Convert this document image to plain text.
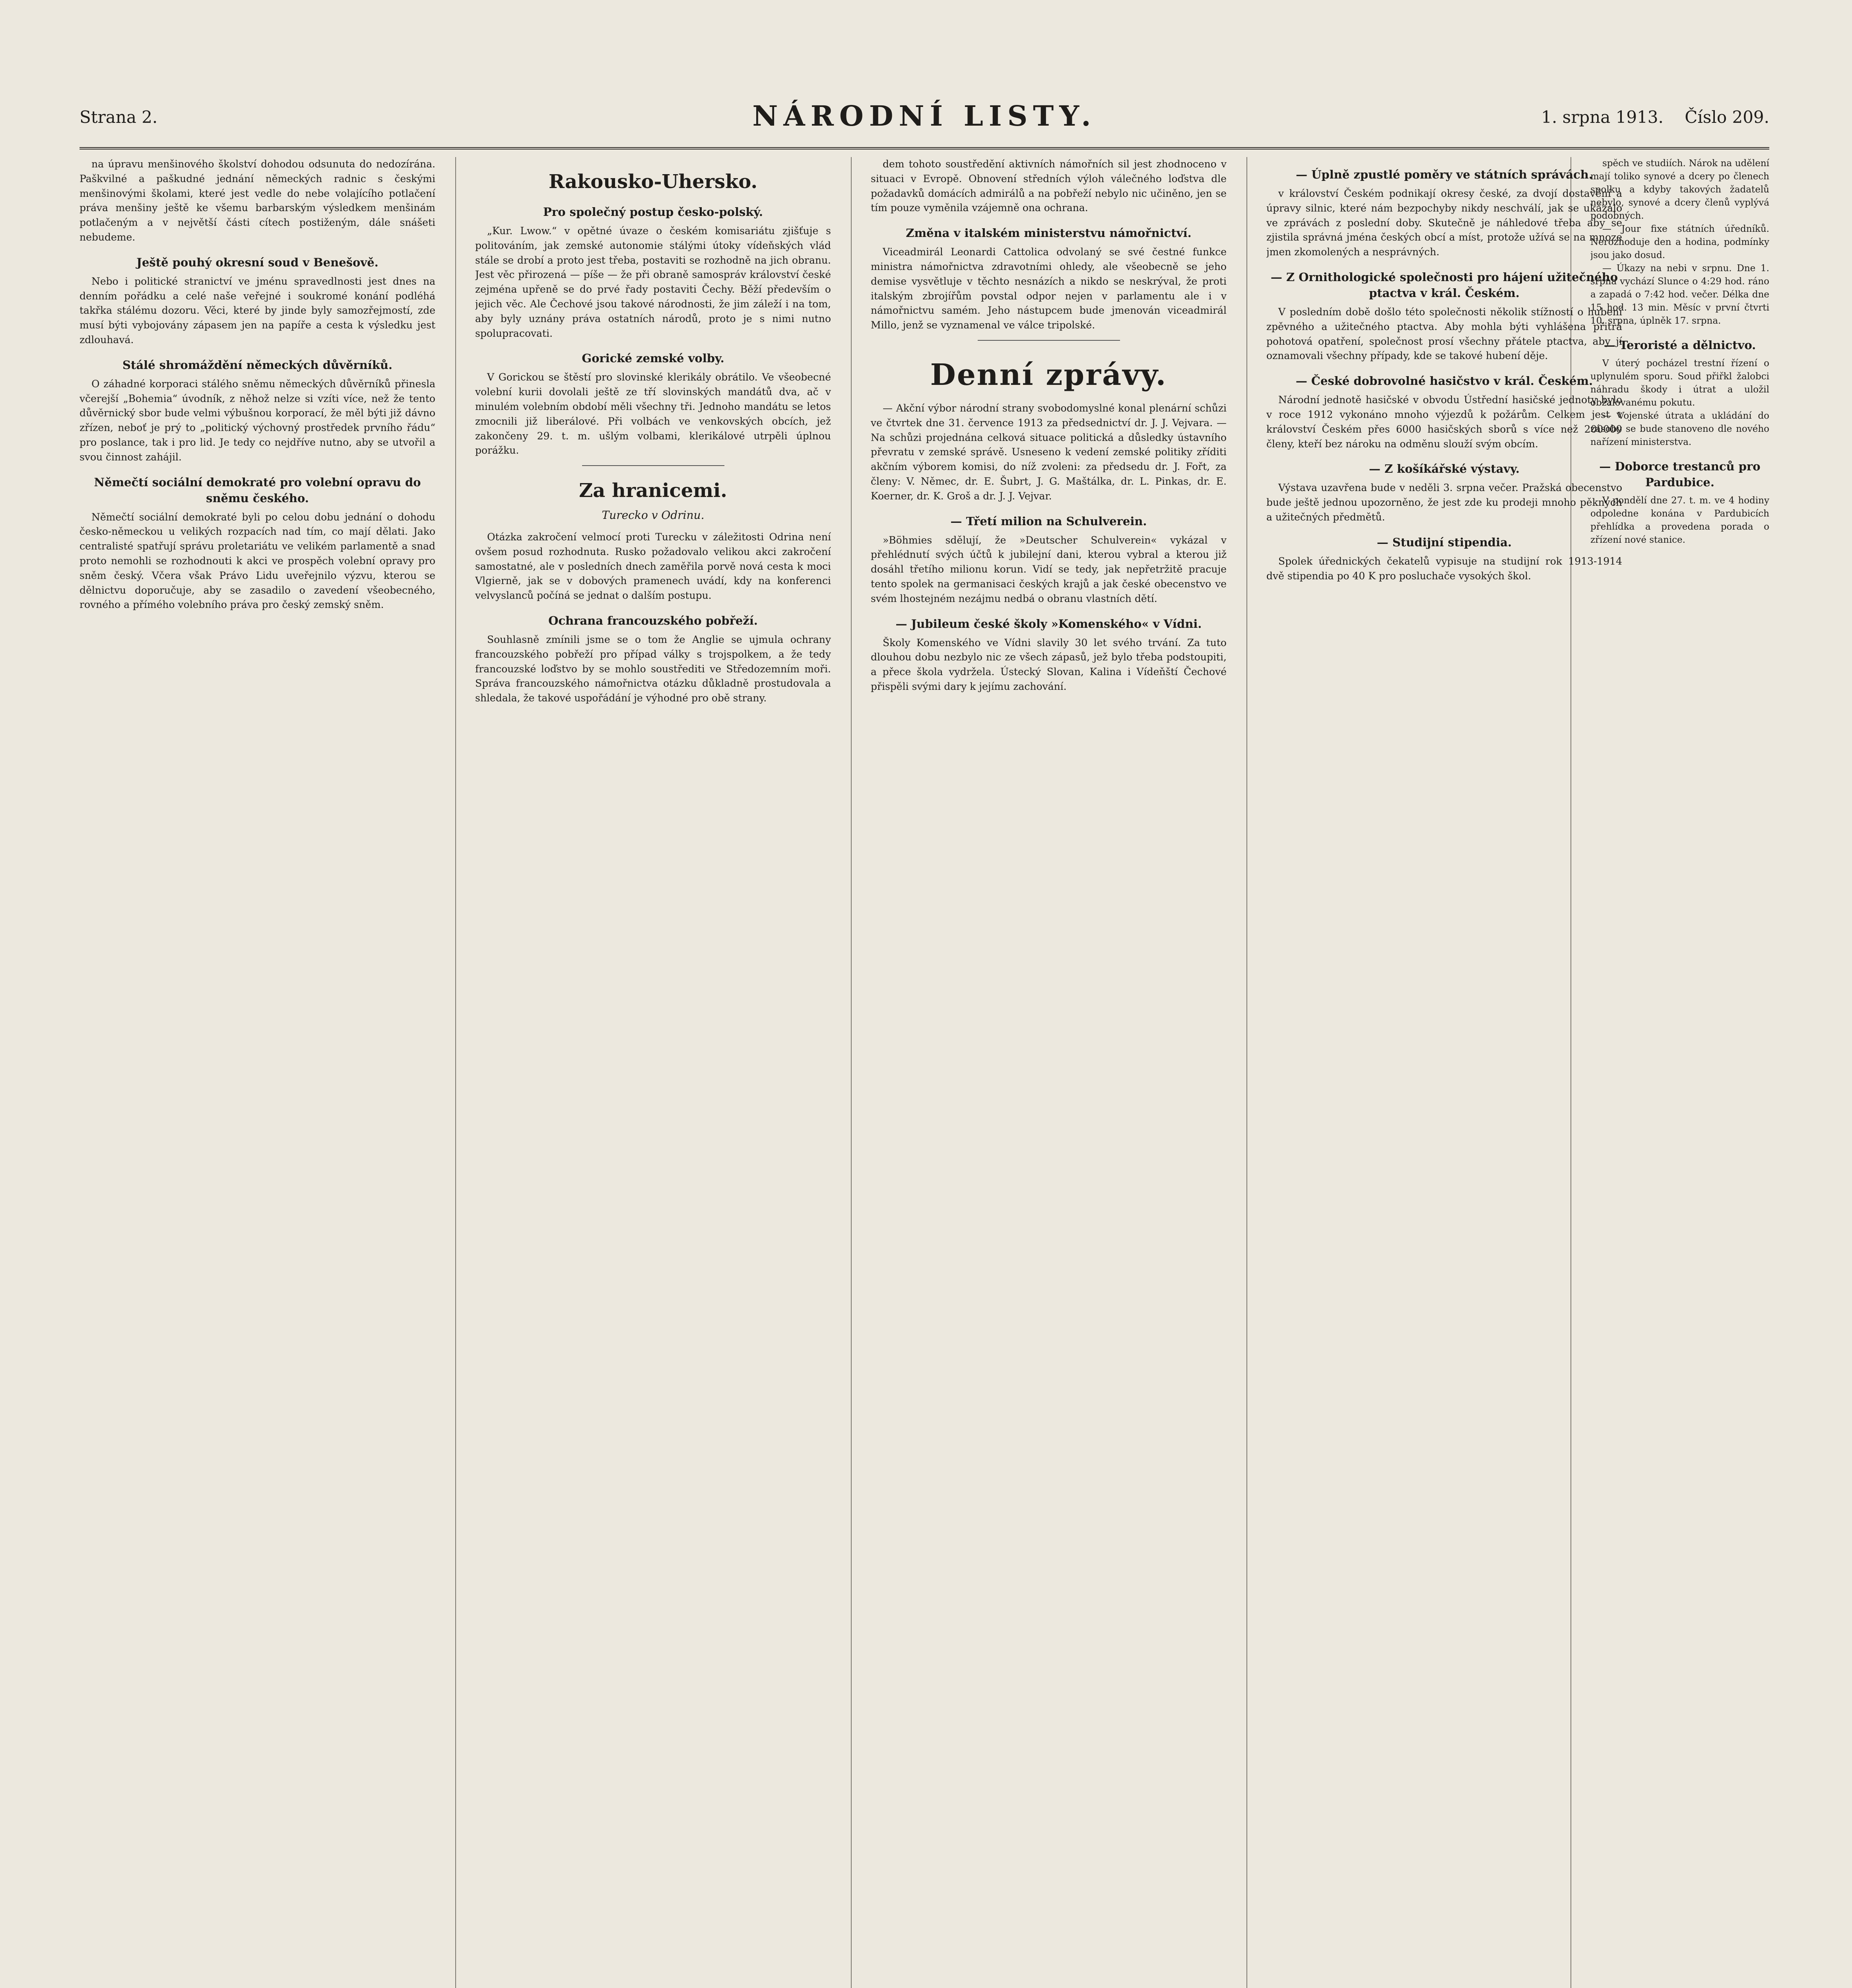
Strana 2.	NÁRODNÍ LISTY.	1. srpna 1913. Číslo 209.

na úpravu menšinového školství dohodou odsunuta do nedozírána. Paškvilné a paškudné jednání německých radnic s českými menšinovými školami, které jest vedle do nebe volajícího potlačení práva menšiny ještě ke všemu barbarským výsledkem menšinám potlačeným a v největší části cítech postiženým, dále snášeti nebudeme.

Ještě pouhý okresní soud v Benešově.

Nebo i politické stranictví ve jménu spravedlnosti jest dnes na denním pořádku a celé naše veřejné i soukromé konání podléhá takřka stálému dozoru. Věci, které by jinde byly samozřejmostí, zde musí býti vybojovány zápasem jen na papíře a cesta k výsledku jest zdlouhavá.

Stálé shromáždění německých důvěrníků.

O záhadné korporaci stálého sněmu německých důvěrníků přinesla včerejší „Bohemia“ úvodník, z něhož nelze si vzíti více, než že tento důvěrnický sbor bude velmi výbušnou korporací, že měl býti již dávno zřízen, neboť je prý to „politický výchovný prostředek prvního řádu“ pro poslance, tak i pro lid. Je tedy co nejdříve nutno, aby se utvořil a svou činnost zahájil.

Němečtí sociální demokraté pro volební opravu do sněmu českého.

Němečtí sociální demokraté byli po celou dobu jednání o dohodu česko-německou u velikých rozpacích nad tím, co mají dělati. Jako centralisté spatřují správu proletariátu ve velikém parlamentě a snad proto nemohli se rozhodnouti k akci ve prospěch volební opravy pro sněm český. Včera však Právo Lidu uveřejnilo výzvu, kterou se dělnictvu doporučuje, aby se zasadilo o zavedení všeobecného, rovného a přímého volebního práva pro český zemský sněm.

Rakousko-Uhersko.
Pro společný postup česko-polský.

„Kur. Lwow.“ v opětné úvaze o českém komisariátu zjišťuje s politováním, jak zemské autonomie stálými útoky vídeňských vlád stále se drobí a proto jest třeba, postaviti se rozhodně na jich obranu. Jest věc přirozená — píše — že při obraně samospráv království české zejména upřeně se do prvé řady postaviti Čechy. Běží především o jejich věc. Ale Čechové jsou takové národnosti, že jim záleží i na tom, aby byly uznány práva ostatních národů, proto je s nimi nutno spolupracovati.

Gorické zemské volby.

V Gorickou se štěstí pro slovinské klerikály obrátilo. Ve všeobecné volební kurii dovolali ještě ze tří slovinských mandátů dva, ač v minulém volebním období měli všechny tři. Jednoho mandátu se letos zmocnili již liberálové. Při volbách ve venkovských obcích, jež zakončeny 29. t. m. ušlým volbami, klerikálové utrpěli úplnou porážku.

Za hranicemi.
Turecko v Odrinu.

Otázka zakročení velmocí proti Turecku v záležitosti Odrina není ovšem posud rozhodnuta. Rusko požadovalo velikou akci zakročení samostatné, ale v posledních dnech zaměřila porvě nová cesta k moci Vlgierně, jak se v dobových pramenech uvádí, kdy na konferenci velvyslanců počíná se jednat o dalším postupu.

Ochrana francouzského pobřeží.

Souhlasně zmínili jsme se o tom že Anglie se ujmula ochrany francouzského pobřeží pro případ války s trojspolkem, a že tedy francouzské loďstvo by se mohlo soustřediti ve Středozemním moři. Správa francouzského námořnictva otázku důkladně prostudovala a shledala, že takové uspořádání je výhodné pro obě strany.

dem tohoto soustředění aktivních námořních sil jest zhodnoceno v situaci v Evropě. Obnovení středních výloh válečného loďstva dle požadavků domácích admirálů a na pobřeží nebylo nic učiněno, jen se tím pouze vyměnila vzájemně ona ochrana.

Změna v italském ministerstvu námořnictví.

Viceadmirál Leonardi Cattolica odvolaný se své čestné funkce ministra námořnictva zdravotními ohledy, ale všeobecně se jeho demise vysvětluje v těchto nesnázích a nikdo se neskrýval, že proti italským zbrojířům povstal odpor nejen v parlamentu ale i v námořnictvu samém. Jeho nástupcem bude jmenován viceadmirál Millo, jenž se vyznamenal ve válce tripolské.

Denní zprávy.

— Akční výbor národní strany svobodomyslné konal plenární schůzi ve čtvrtek dne 31. července 1913 za předsednictví dr. J. J. Vejvara. — Na schůzi projednána celková situace politická a důsledky ústavního převratu v zemské správě. Usneseno k vedení zemské politiky zříditi akčním výborem komisi, do níž zvoleni: za předsedu dr. J. Fořt, za členy: V. Němec, dr. E. Šubrt, J. G. Maštálka, dr. L. Pinkas, dr. E. Koerner, dr. K. Groš a dr. J. J. Vejvar.

— Třetí milion na Schulverein.

»Böhmies sdělují, že »Deutscher Schulverein« vykázal v přehlédnutí svých účtů k jubilejní dani, kterou vybral a kterou již dosáhl třetího milionu korun. Vidí se tedy, jak nepřetržitě pracuje tento spolek na germanisaci českých krajů a jak české obecenstvo ve svém lhostejném nezájmu nedbá o obranu vlastních dětí.

— Jubileum české školy »Komenského« v Vídni.

Školy Komenského ve Vídni slavily 30 let svého trvání. Za tuto dlouhou dobu nezbylo nic ze všech zápasů, jež bylo třeba podstoupiti, a přece škola vydržela. Ústecký Slovan, Kalina i Vídeňští Čechové přispěli svými dary k jejímu zachování.

— Úplně zpustlé poměry ve státních správách.

v království Českém podnikají okresy české, za dvojí dostavění a úpravy silnic, které nám bezpochyby nikdy neschválí, jak se ukázalo ve zprávách z poslední doby. Skutečně je náhledové třeba aby se zjistila správná jména českých obcí a míst, protože užívá se na mnoze jmen zkomolených a nesprávných.

— Z Ornithologické společnosti pro hájení užitečného ptactva v král. Českém.

V posledním době došlo této společnosti několik stížností o hubení zpěvného a užitečného ptactva. Aby mohla býti vyhlášena přitrá pohotová opatření, společnost prosí všechny přátele ptactva, aby jí oznamovali všechny případy, kde se takové hubení děje.

— České dobrovolné hasičstvo v král. Českém.

Národní jednotě hasičské v obvodu Ústřední hasičské jednoty bylo v roce 1912 vykonáno mnoho výjezdů k požárům. Celkem jest v království Českém přes 6000 hasičských sborů s více než 200000 členy, kteří bez nároku na odměnu slouží svým obcím.

— Z košíkářské výstavy.

Výstava uzavřena bude v neděli 3. srpna večer. Pražská obecenstvo bude ještě jednou upozorněno, že jest zde ku prodeji mnoho pěkných a užitečných předmětů.

— Studijní stipendia.

Spolek úřednických čekatelů vypisuje na studijní rok 1913-1914 dvě stipendia po 40 K pro posluchače vysokých škol.

spěch ve studiích. Nárok na udělení mají toliko synové a dcery po členech spolku a kdyby takových žadatelů nebylo, synové a dcery členů vyplývá podobných.

— Jour fixe státních úředníků. Nerozhoduje den a hodina, podmínky jsou jako dosud.

— Úkazy na nebi v srpnu. Dne 1. srpna vychází Slunce o 4:29 hod. ráno a zapadá o 7:42 hod. večer. Délka dne 15 hod. 13 min. Měsíc v první čtvrti 10. srpna, úplněk 17. srpna.

— Teroristé a dělnictvo.

V úterý pocházel trestní řízení o uplynulém sporu. Soud přiřkl žalobci náhradu škody i útrat a uložil obžalovanému pokutu.

— Vojenské útrata a ukládání do zásoby se bude stanoveno dle nového nařízení ministerstva.

— Doborce trestanců pro Pardubice.

V pondělí dne 27. t. m. ve 4 hodiny odpoledne konána v Pardubicích přehlídka a provedena porada o zřízení nové stanice.
